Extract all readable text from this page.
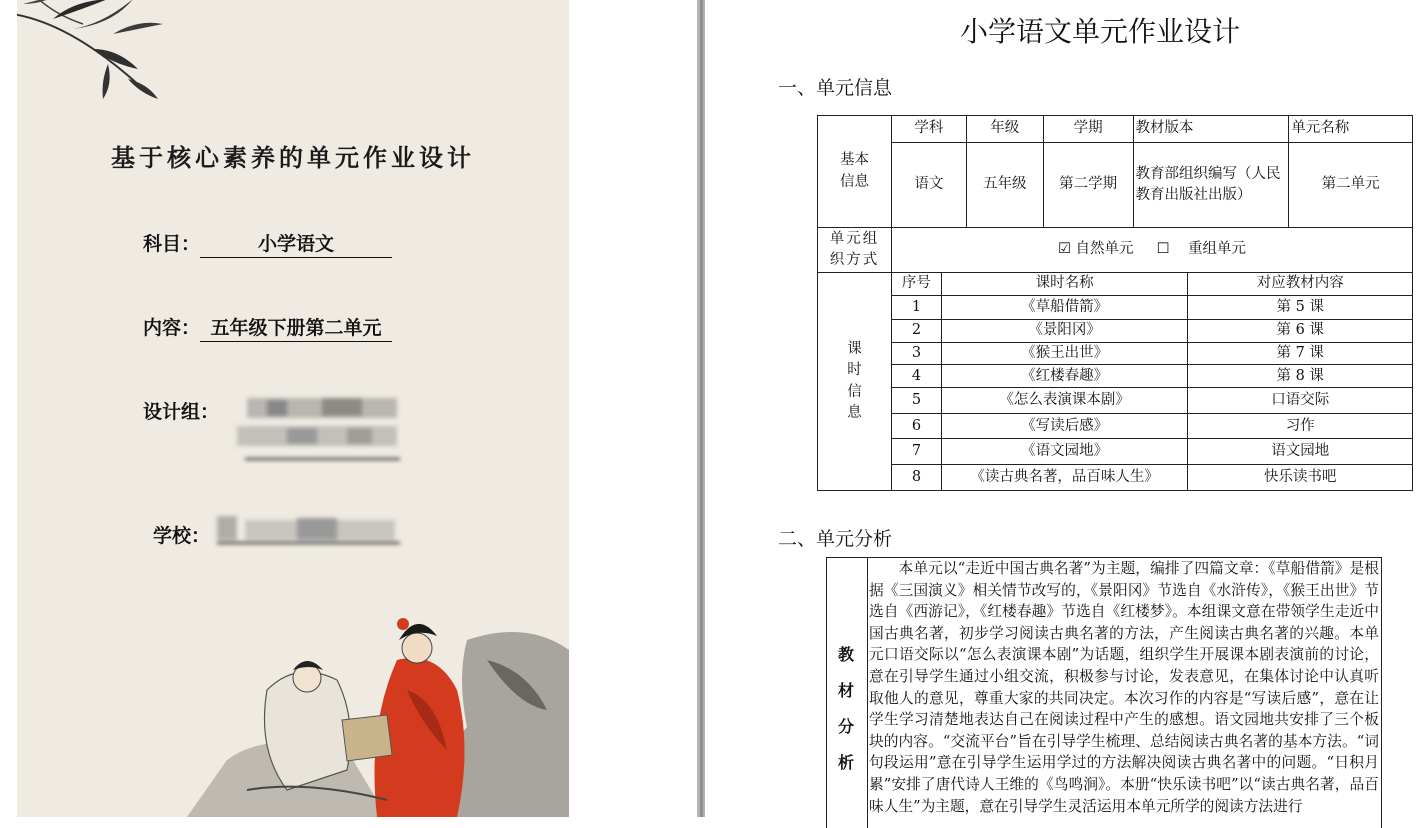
基于核心素养的单元作业设计
科目：	小学语文
内容： 五年级下册第二单元
设计组：
学校：
小学语文单元作业设计
一、单元信息
基本信息	学科		年级	学期	教材版本		单元名称
	语文		五年级	第二学期	教育部组织编写（人民教育出版社出版）		第二单元

单元组织方式	☑ 自然单元 ☐ 重组单元						

课时信息	序号	课时名称				对应教材内容	
	1	《草船借箭》				第 5 课	
	2	《景阳冈》				第 6 课	
	3	《猴王出世》				第 7 课	
	4	《红楼春趣》				第 8 课	
	5	《怎么表演课本剧》				口语交际	
	6	《写读后感》				习作	
	7	《语文园地》				语文园地	
	8	《读古典名著，品百味人生》				快乐读书吧	
二、单元分析
教
材
分
析
　　本单元以“走近中国古典名著”为主题，编排了四篇文章：《草船借箭》是根据《三国演义》相关情节改写的，《景阳冈》节选自《水浒传》，《猴王出世》节选自《西游记》，《红楼春趣》节选自《红楼梦》。本组课文意在带领学生走近中国古典名著，初步学习阅读古典名著的方法，产生阅读古典名著的兴趣。本单元口语交际以“怎么表演课本剧”为话题，组织学生开展课本剧表演前的讨论，意在引导学生通过小组交流，积极参与讨论，发表意见，在集体讨论中认真听取他人的意见，尊重大家的共同决定。本次习作的内容是“写读后感”，意在让学生学习清楚地表达自己在阅读过程中产生的感想。语文园地共安排了三个板块的内容。“交流平台”旨在引导学生梳理、总结阅读古典名著的基本方法。“词句段运用”意在引导学生运用学过的方法解决阅读古典名著中的问题。“日积月累”安排了唐代诗人王维的《鸟鸣涧》。本册“快乐读书吧”以“读古典名著，品百味人生”为主题，意在引导学生灵活运用本单元所学的阅读方法进行
